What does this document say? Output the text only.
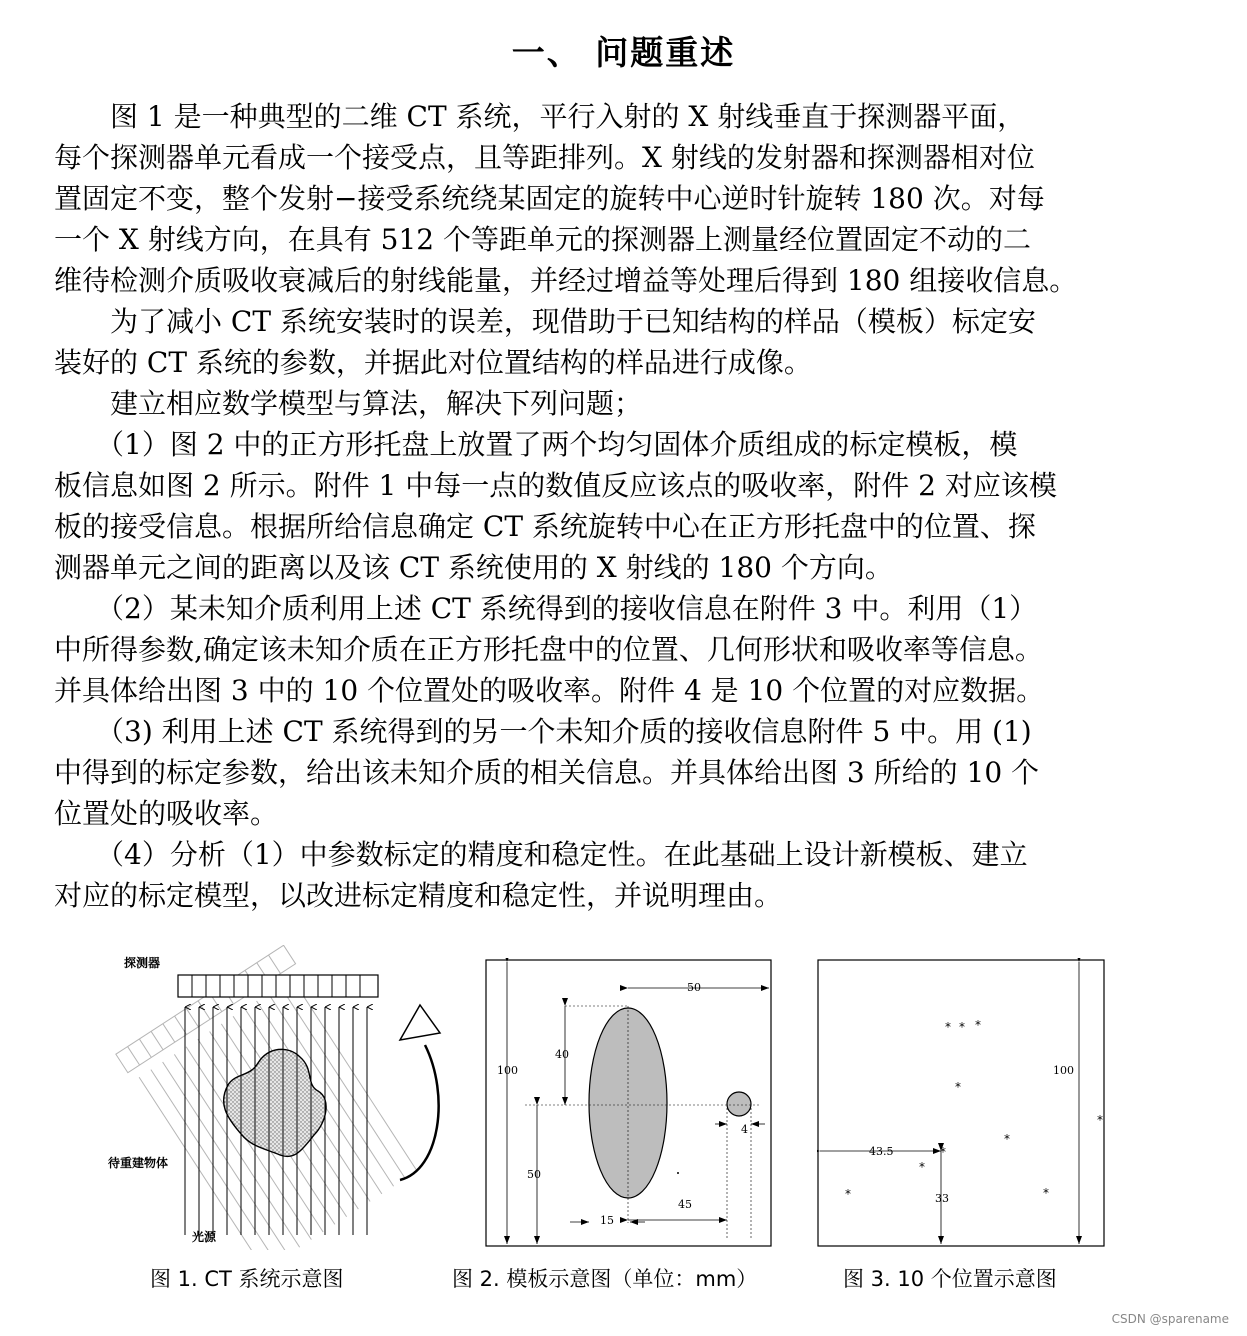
一、 问题重述

　　图 1 是一种典型的二维 CT 系统，平行入射的 X 射线垂直于探测器平面，

每个探测器单元看成一个接受点，且等距排列。X 射线的发射器和探测器相对位

置固定不变，整个发射−接受系统绕某固定的旋转中心逆时针旋转 180 次。对每

一个 X 射线方向，在具有 512 个等距单元的探测器上测量经位置固定不动的二

维待检测介质吸收衰减后的射线能量，并经过增益等处理后得到 180 组接收信息。

　　为了减小 CT 系统安装时的误差，现借助于已知结构的样品（模板）标定安

装好的 CT 系统的参数，并据此对位置结构的样品进行成像。

　　建立相应数学模型与算法，解决下列问题；

　　（1）图 2 中的正方形托盘上放置了两个均匀固体介质组成的标定模板，模

板信息如图 2 所示。附件 1 中每一点的数值反应该点的吸收率，附件 2 对应该模

板的接受信息。根据所给信息确定 CT 系统旋转中心在正方形托盘中的位置、探

测器单元之间的距离以及该 CT 系统使用的 X 射线的 180 个方向。

　　（2）某未知介质利用上述 CT 系统得到的接收信息在附件 3 中。利用（1）

中所得参数,确定该未知介质在正方形托盘中的位置、几何形状和吸收率等信息。

并具体给出图 3 中的 10 个位置处的吸收率。附件 4 是 10 个位置的对应数据。

　　（3) 利用上述 CT 系统得到的另一个未知介质的接收信息附件 5 中。用 (1)

中得到的标定参数，给出该未知介质的相关信息。并具体给出图 3 所给的 10 个

位置处的吸收率。

　　（4）分析（1）中参数标定的精度和稳定性。在此基础上设计新模板、建立

对应的标定模型，以改进标定精度和稳定性，并说明理由。

探测器
待重建物体
光源
50
100
40
50
4
45
15
* * *
*
*
*
*
*
*	*
100
43.5
33
图 1. CT 系统示意图	图 2. 模板示意图（单位：mm）	图 3. 10 个位置示意图
CSDN @sparename
